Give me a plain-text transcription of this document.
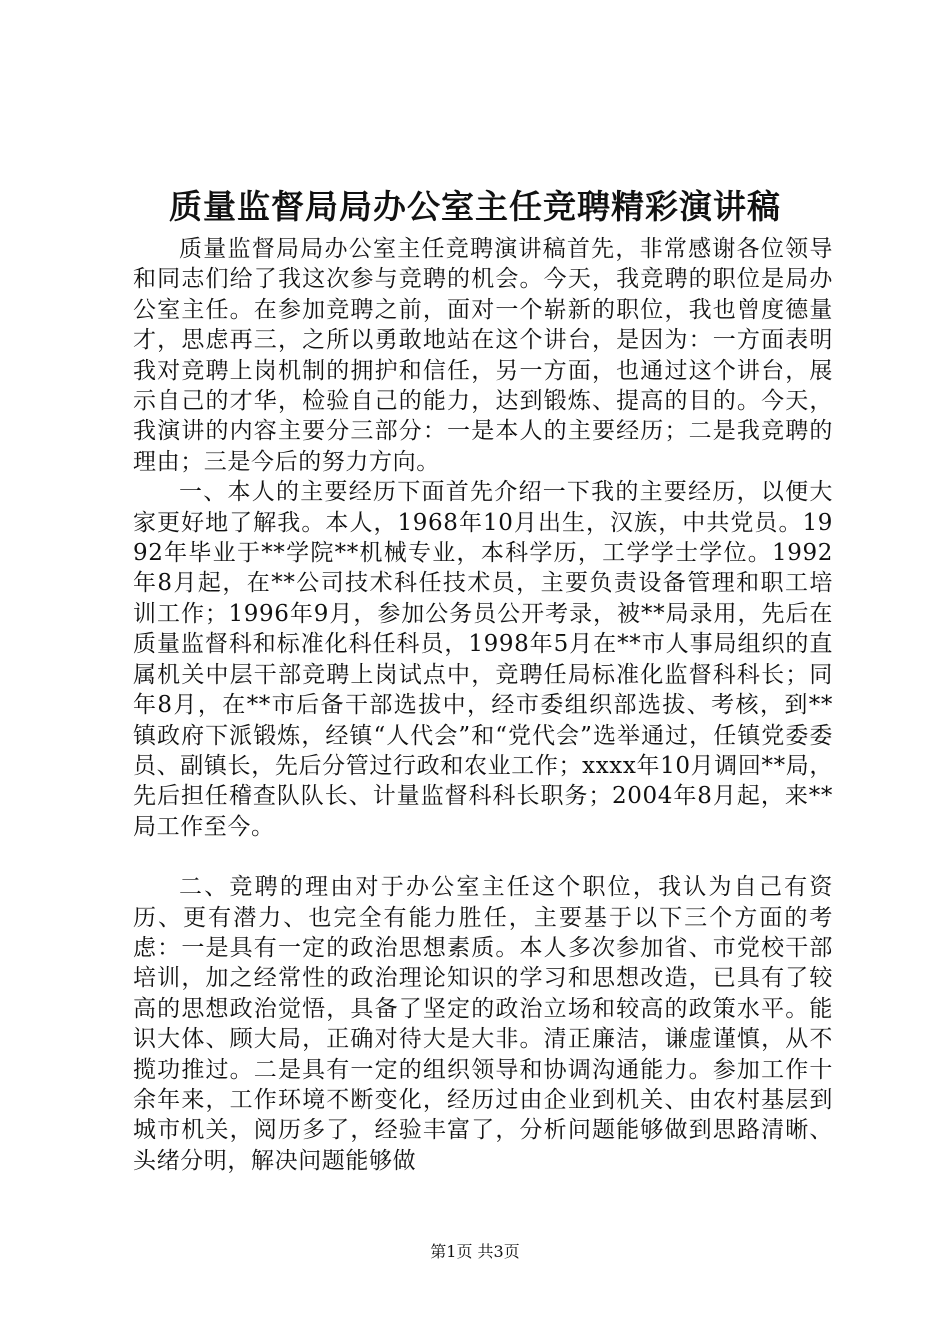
质量监督局局办公室主任竞聘精彩演讲稿

质量监督局局办公室主任竞聘演讲稿首先，非常感谢各位领导和同志们给了我这次参与竞聘的机会。今天，我竞聘的职位是局办公室主任。在参加竞聘之前，面对一个崭新的职位，我也曾度德量才，思虑再三，之所以勇敢地站在这个讲台，是因为：一方面表明我对竞聘上岗机制的拥护和信任，另一方面，也通过这个讲台，展示自己的才华，检验自己的能力，达到锻炼、提高的目的。今天，我演讲的内容主要分三部分：一是本人的主要经历；二是我竞聘的理由；三是今后的努力方向。

一、本人的主要经历下面首先介绍一下我的主要经历，以便大家更好地了解我。本人，1968年10月出生，汉族，中共党员。1992年毕业于**学院**机械专业，本科学历，工学学士学位。1992年8月起，在**公司技术科任技术员，主要负责设备管理和职工培训工作；1996年9月，参加公务员公开考录，被**局录用，先后在质量监督科和标准化科任科员，1998年5月在**市人事局组织的直属机关中层干部竞聘上岗试点中，竞聘任局标准化监督科科长；同年8月，在**市后备干部选拔中，经市委组织部选拔、考核，到**镇政府下派锻炼，经镇“人代会”和“党代会”选举通过，任镇党委委员、副镇长，先后分管过行政和农业工作；xxxx年10月调回**局，先后担任稽查队队长、计量监督科科长职务；2004年8月起，来**局工作至今。

二、竞聘的理由对于办公室主任这个职位，我认为自己有资历、更有潜力、也完全有能力胜任，主要基于以下三个方面的考虑：一是具有一定的政治思想素质。本人多次参加省、市党校干部培训，加之经常性的政治理论知识的学习和思想改造，已具有了较高的思想政治觉悟，具备了坚定的政治立场和较高的政策水平。能识大体、顾大局，正确对待大是大非。清正廉洁，谦虚谨慎，从不揽功推过。二是具有一定的组织领导和协调沟通能力。参加工作十余年来，工作环境不断变化，经历过由企业到机关、由农村基层到城市机关，阅历多了，经验丰富了，分析问题能够做到思路清晰、头绪分明，解决问题能够做

第1页 共3页
